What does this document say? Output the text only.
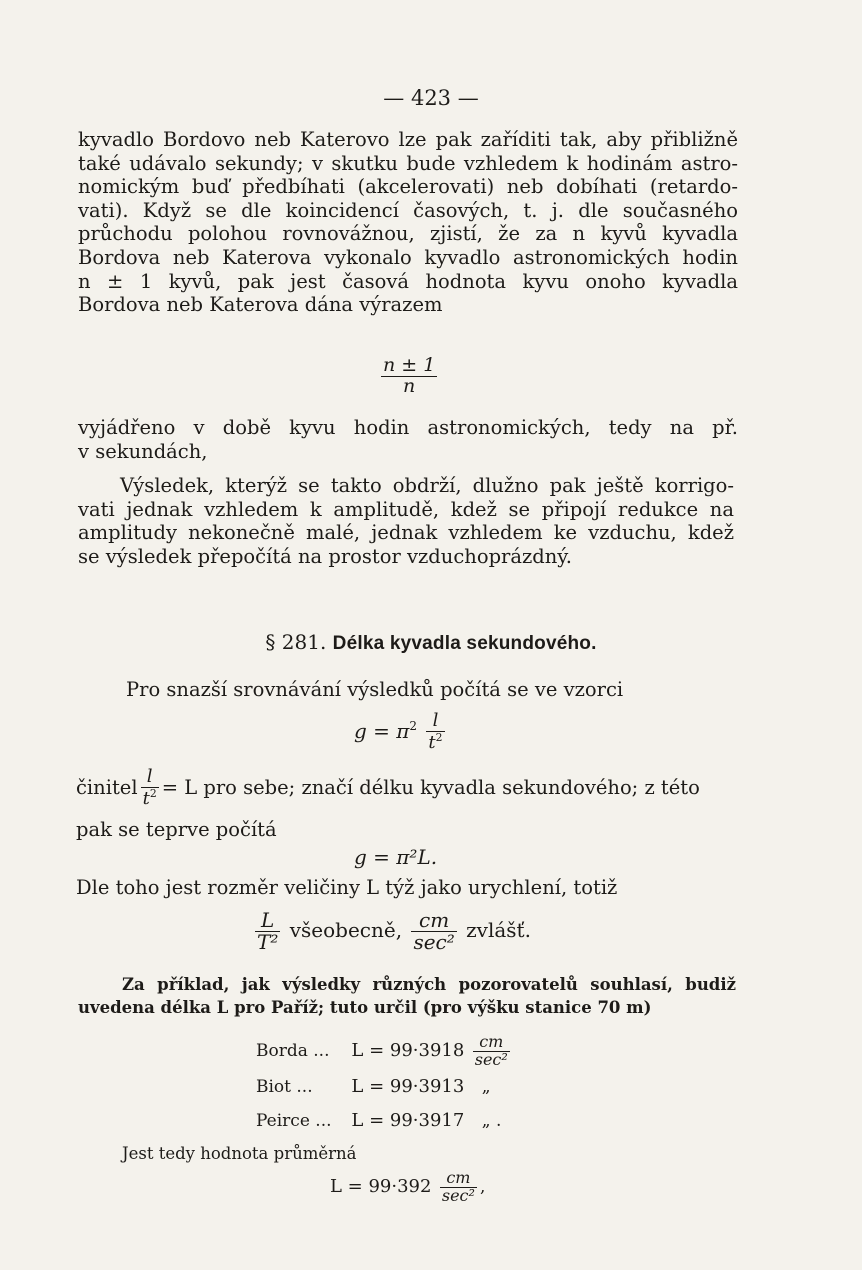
— 423 —
kyvadlo Bordovo neb Katerovo lze pak zaříditi tak, aby přibližně
také udávalo sekundy; v skutku bude vzhledem k hodinám astro-
nomickým buď předbíhati (akcelerovati) neb dobíhati (retardo-
vati). Když se dle koincidencí časových, t. j. dle současného
průchodu polohou rovnovážnou, zjistí, že za n kyvů kyvadla
Bordova neb Katerova vykonalo kyvadlo astronomických hodin
n ± 1 kyvů, pak jest časová hodnota kyvu onoho kyvadla
Bordova neb Katerova dána výrazem
$\frac{n \pm 1}{n}$
vyjádřeno v době kyvu hodin astronomických, tedy na př.
v sekundách,
Výsledek, kterýž se takto obdrží, dlužno pak ještě korrigo-
vati jednak vzhledem k amplitudě, kdež se připojí redukce na
amplitudy nekonečně malé, jednak vzhledem ke vzduchu, kdež
se výsledek přepočítá na prostor vzduchoprázdný.
§ 281. Délka kyvadla sekundového.
Pro snazší srovnávání výsledků počítá se ve vzorci
$g = \pi^2 \frac{l}{t^2}$
činitel $\frac{l}{t^2} = L$ pro sebe; značí délku kyvadla sekundového; z této
pak se teprve počítá
g = π²L.
Dle toho jest rozměr veličiny L týž jako urychlení, totiž
$\frac{L}{\text{T²}}$ všeobecně, $\frac{cm}{\text{sec²}}$ zvlášť.
Za příklad, jak výsledky různých pozorovatelů souhlasí, budiž
uvedena délka L pro Paříž; tuto určil (pro výšku stanice 70 m)
Borda ... $L = 99\cdot 3918 \frac{cm}{\text{sec²}}$
Biot ... L = 99·3913 „
Peirce ... L = 99·3917 „ .
Jest tedy hodnota průměrná
$L = 99\cdot 392 \frac{cm}{\text{sec²}}$ ,
